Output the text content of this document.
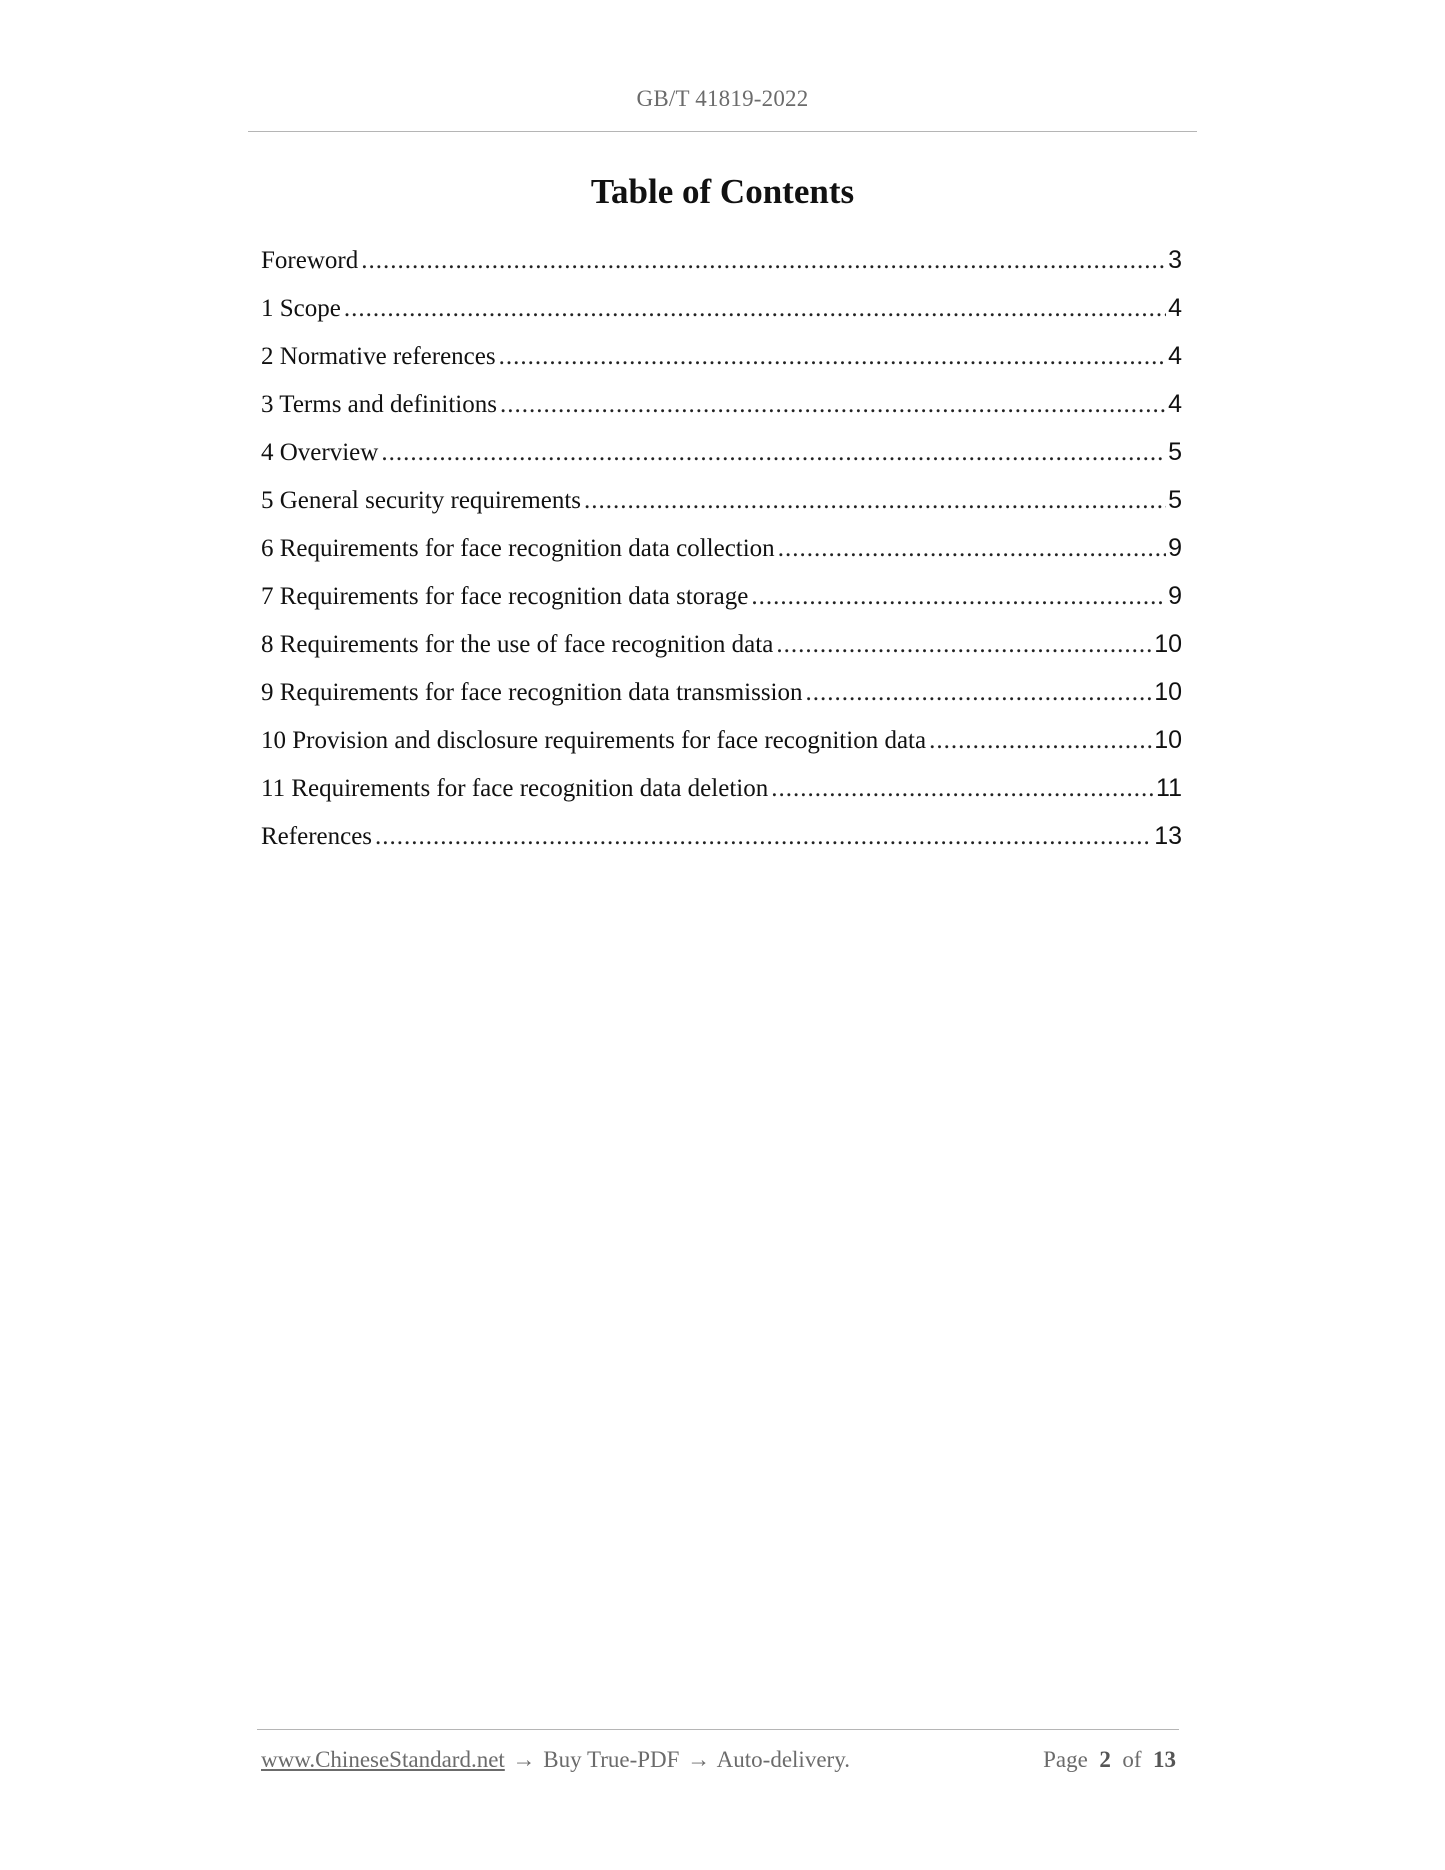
GB/T 41819-2022
Table of Contents
Foreword .....	3
1 Scope .....	4
2 Normative references .....	4
3 Terms and definitions .....	4
4 Overview .....	5
5 General security requirements .....	5
6 Requirements for face recognition data collection .....	9
7 Requirements for face recognition data storage .....	9
8 Requirements for the use of face recognition data .....	10
9 Requirements for face recognition data transmission .....	10
10 Provision and disclosure requirements for face recognition data .....	10
11 Requirements for face recognition data deletion .....	11
References .....	13
www.ChineseStandard.net → Buy True-PDF → Auto-delivery.	Page 2 of 13
